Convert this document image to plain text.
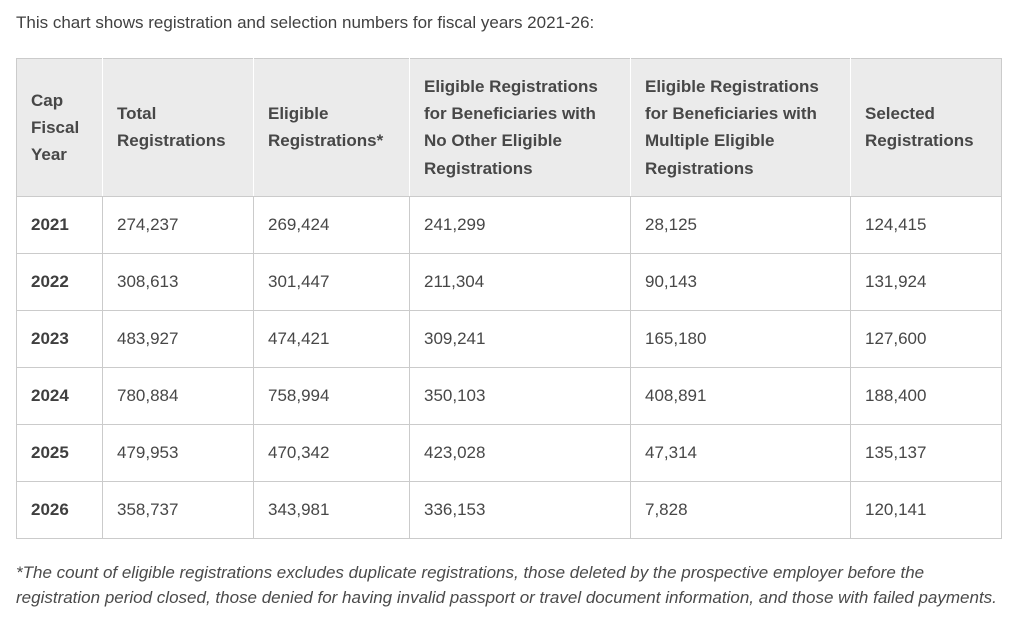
This chart shows registration and selection numbers for fiscal years 2021-26:

Cap Fiscal Year	Total Registrations	Eligible Registrations*	Eligible Registrations for Beneficiaries with No Other Eligible Registrations	Eligible Registrations for Beneficiaries with Multiple Eligible Registrations	Selected Registrations
2021	274,237	269,424	241,299	28,125	124,415
2022	308,613	301,447	211,304	90,143	131,924
2023	483,927	474,421	309,241	165,180	127,600
2024	780,884	758,994	350,103	408,891	188,400
2025	479,953	470,342	423,028	47,314	135,137
2026	358,737	343,981	336,153	7,828	120,141

*The count of eligible registrations excludes duplicate registrations, those deleted by the prospective employer before the registration period closed, those denied for having invalid passport or travel document information, and those with failed payments.
